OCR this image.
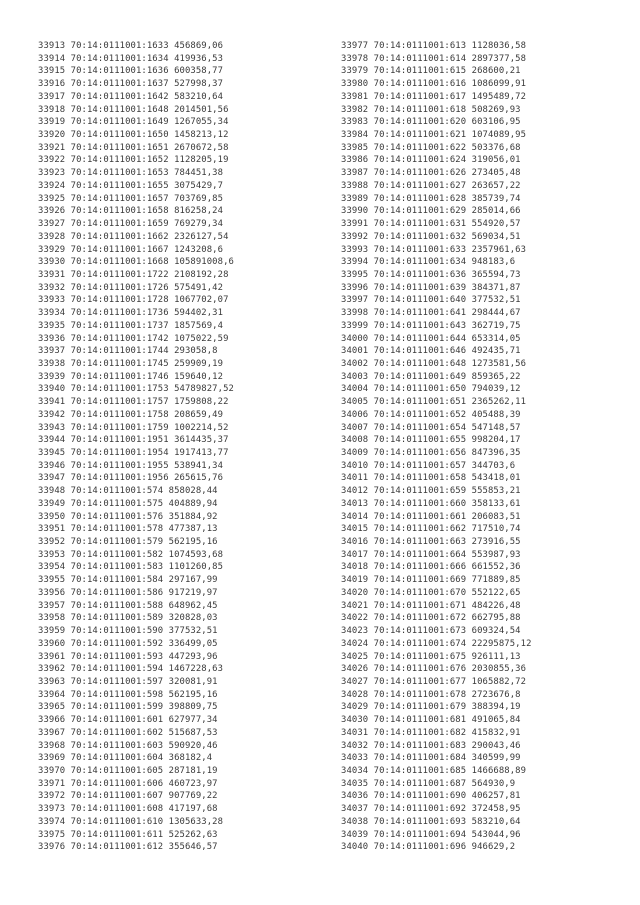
33913 70:14:0111001:1633 456869,06
33914 70:14:0111001:1634 419936,53
33915 70:14:0111001:1636 600358,77
33916 70:14:0111001:1637 527998,37
33917 70:14:0111001:1642 583210,64
33918 70:14:0111001:1648 2014501,56
33919 70:14:0111001:1649 1267055,34
33920 70:14:0111001:1650 1458213,12
33921 70:14:0111001:1651 2670672,58
33922 70:14:0111001:1652 1128205,19
33923 70:14:0111001:1653 784451,38
33924 70:14:0111001:1655 3075429,7
33925 70:14:0111001:1657 703769,85
33926 70:14:0111001:1658 816258,24
33927 70:14:0111001:1659 769279,34
33928 70:14:0111001:1662 2326127,54
33929 70:14:0111001:1667 1243208,6
33930 70:14:0111001:1668 105891008,6
33931 70:14:0111001:1722 2108192,28
33932 70:14:0111001:1726 575491,42
33933 70:14:0111001:1728 1067702,07
33934 70:14:0111001:1736 594402,31
33935 70:14:0111001:1737 1857569,4
33936 70:14:0111001:1742 1075022,59
33937 70:14:0111001:1744 293058,8
33938 70:14:0111001:1745 259909,19
33939 70:14:0111001:1746 159640,12
33940 70:14:0111001:1753 54789827,52
33941 70:14:0111001:1757 1759808,22
33942 70:14:0111001:1758 208659,49
33943 70:14:0111001:1759 1002214,52
33944 70:14:0111001:1951 3614435,37
33945 70:14:0111001:1954 1917413,77
33946 70:14:0111001:1955 538941,34
33947 70:14:0111001:1956 265615,76
33948 70:14:0111001:574 858028,44
33949 70:14:0111001:575 404889,94
33950 70:14:0111001:576 351884,92
33951 70:14:0111001:578 477387,13
33952 70:14:0111001:579 562195,16
33953 70:14:0111001:582 1074593,68
33954 70:14:0111001:583 1101260,85
33955 70:14:0111001:584 297167,99
33956 70:14:0111001:586 917219,97
33957 70:14:0111001:588 648962,45
33958 70:14:0111001:589 320828,03
33959 70:14:0111001:590 377532,51
33960 70:14:0111001:592 336499,05
33961 70:14:0111001:593 447293,96
33962 70:14:0111001:594 1467228,63
33963 70:14:0111001:597 320081,91
33964 70:14:0111001:598 562195,16
33965 70:14:0111001:599 398809,75
33966 70:14:0111001:601 627977,34
33967 70:14:0111001:602 515687,53
33968 70:14:0111001:603 590920,46
33969 70:14:0111001:604 368182,4
33970 70:14:0111001:605 287181,19
33971 70:14:0111001:606 460723,97
33972 70:14:0111001:607 907769,22
33973 70:14:0111001:608 417197,68
33974 70:14:0111001:610 1305633,28
33975 70:14:0111001:611 525262,63
33976 70:14:0111001:612 355646,57
33977 70:14:0111001:613 1128036,58
33978 70:14:0111001:614 2897377,58
33979 70:14:0111001:615 268600,21
33980 70:14:0111001:616 1086099,91
33981 70:14:0111001:617 1495489,72
33982 70:14:0111001:618 508269,93
33983 70:14:0111001:620 603106,95
33984 70:14:0111001:621 1074089,95
33985 70:14:0111001:622 503376,68
33986 70:14:0111001:624 319056,01
33987 70:14:0111001:626 273405,48
33988 70:14:0111001:627 263657,22
33989 70:14:0111001:628 385739,74
33990 70:14:0111001:629 285014,66
33991 70:14:0111001:631 554920,57
33992 70:14:0111001:632 569034,51
33993 70:14:0111001:633 2357961,63
33994 70:14:0111001:634 948183,6
33995 70:14:0111001:636 365594,73
33996 70:14:0111001:639 384371,87
33997 70:14:0111001:640 377532,51
33998 70:14:0111001:641 298444,67
33999 70:14:0111001:643 362719,75
34000 70:14:0111001:644 653314,05
34001 70:14:0111001:646 492435,71
34002 70:14:0111001:648 1273581,56
34003 70:14:0111001:649 859365,22
34004 70:14:0111001:650 794039,12
34005 70:14:0111001:651 2365262,11
34006 70:14:0111001:652 405488,39
34007 70:14:0111001:654 547148,57
34008 70:14:0111001:655 998204,17
34009 70:14:0111001:656 847396,35
34010 70:14:0111001:657 344703,6
34011 70:14:0111001:658 543418,01
34012 70:14:0111001:659 555853,21
34013 70:14:0111001:660 358133,61
34014 70:14:0111001:661 206083,51
34015 70:14:0111001:662 717510,74
34016 70:14:0111001:663 273916,55
34017 70:14:0111001:664 553987,93
34018 70:14:0111001:666 661552,36
34019 70:14:0111001:669 771889,85
34020 70:14:0111001:670 552122,65
34021 70:14:0111001:671 484226,48
34022 70:14:0111001:672 662795,88
34023 70:14:0111001:673 609324,54
34024 70:14:0111001:674 22295875,12
34025 70:14:0111001:675 926111,13
34026 70:14:0111001:676 2030855,36
34027 70:14:0111001:677 1065882,72
34028 70:14:0111001:678 2723676,8
34029 70:14:0111001:679 388394,19
34030 70:14:0111001:681 491065,84
34031 70:14:0111001:682 415832,91
34032 70:14:0111001:683 290043,46
34033 70:14:0111001:684 340599,99
34034 70:14:0111001:685 1466688,89
34035 70:14:0111001:687 564930,9
34036 70:14:0111001:690 406257,81
34037 70:14:0111001:692 372458,95
34038 70:14:0111001:693 583210,64
34039 70:14:0111001:694 543044,96
34040 70:14:0111001:696 946629,2
